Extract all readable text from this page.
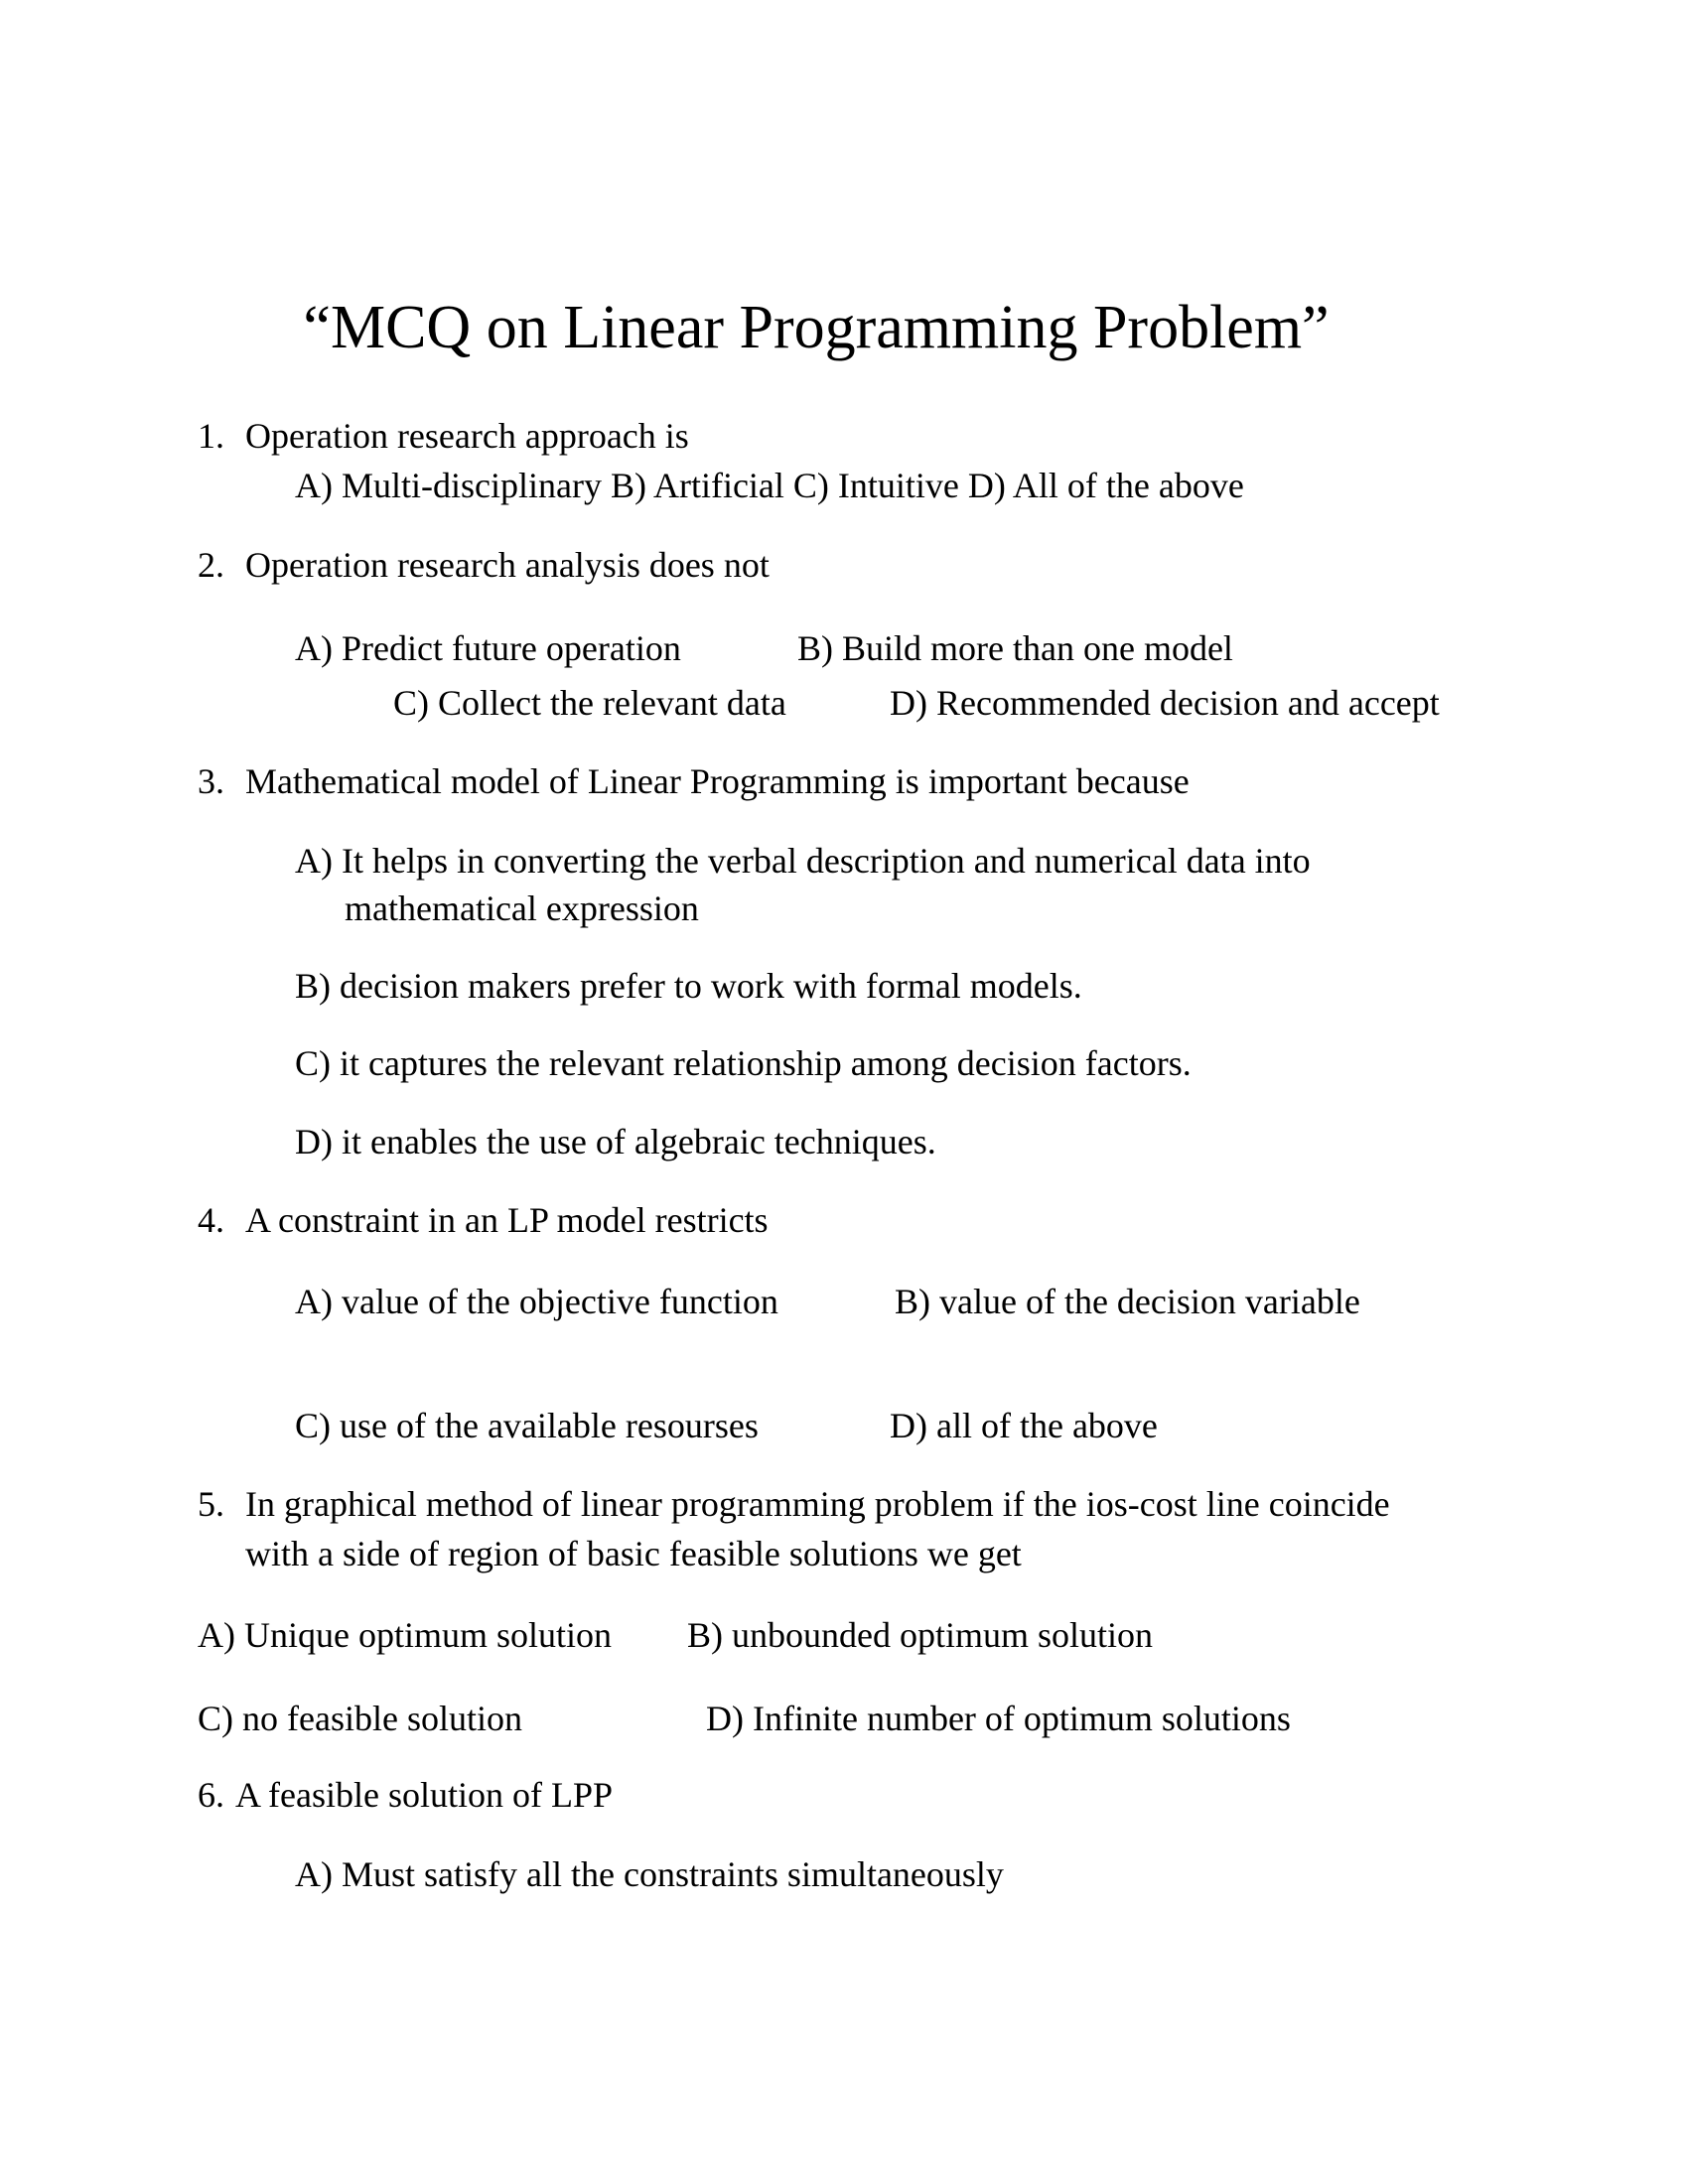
“MCQ on Linear Programming Problem”
1. Operation research approach is
A) Multi-disciplinary B) Artificial C) Intuitive D) All of the above
2. Operation research analysis does not
A) Predict future operation	B) Build more than one model
C) Collect the relevant data	D) Recommended decision and accept
3. Mathematical model of Linear Programming is important because
A) It helps in converting the verbal description and numerical data into
mathematical expression
B) decision makers prefer to work with formal models.
C) it captures the relevant relationship among decision factors.
D) it enables the use of algebraic techniques.
4. A constraint in an LP model restricts
A) value of the objective function	B) value of the decision variable
C) use of the available resourses	D) all of the above
5. In graphical method of linear programming problem if the ios-cost line coincide
with a side of region of basic feasible solutions we get
A) Unique optimum solution B) unbounded optimum solution
C) no feasible solution	D) Infinite number of optimum solutions
6. A feasible solution of LPP
A) Must satisfy all the constraints simultaneously
